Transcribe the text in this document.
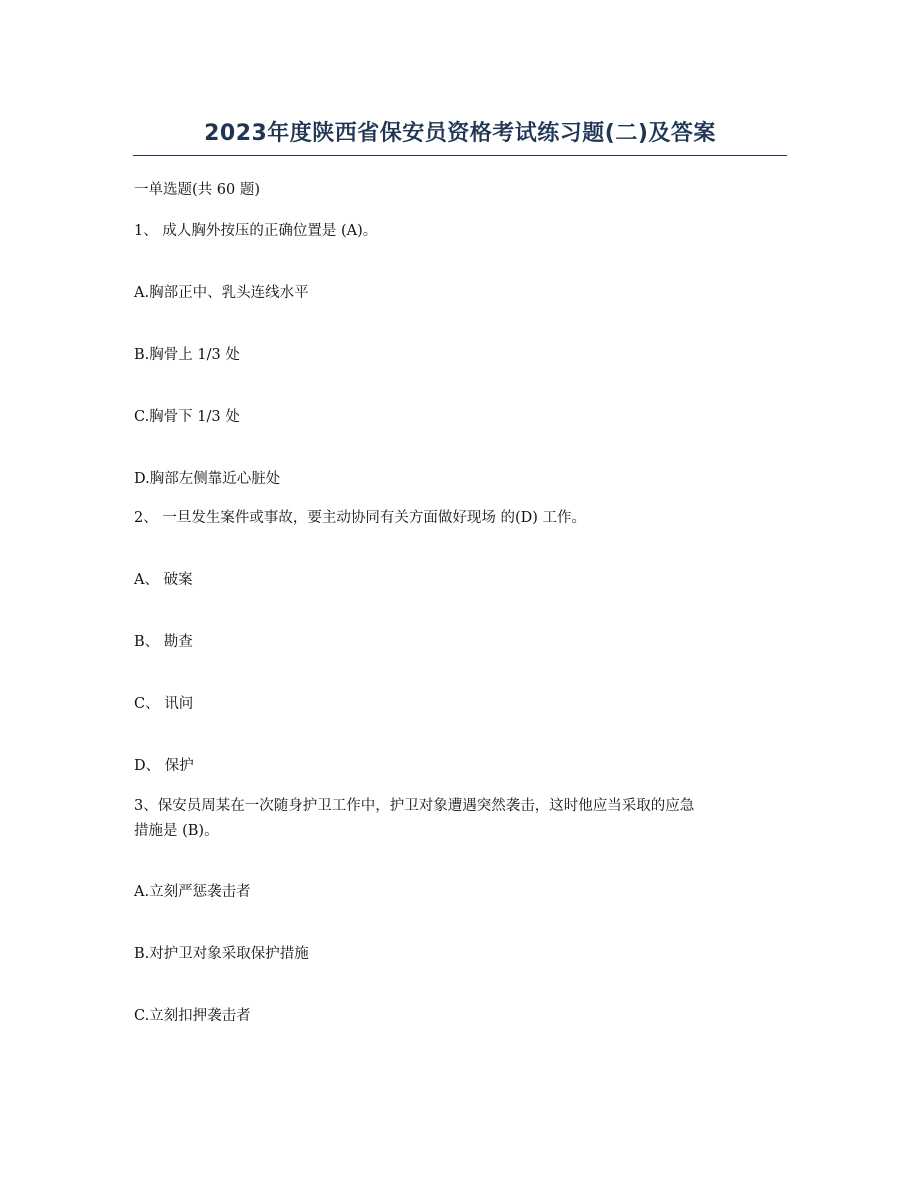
2023年度陕西省保安员资格考试练习题(二)及答案
一单选题(共 60 题)
1、 成人胸外按压的正确位置是 (A)。
A.胸部正中、乳头连线水平
B.胸骨上 1/3 处
C.胸骨下 1/3 处
D.胸部左侧靠近心脏处
2、 一旦发生案件或事故，要主动协同有关方面做好现场 的(D) 工作。
A、 破案
B、 勘查
C、 讯问
D、 保护
3、保安员周某在一次随身护卫工作中，护卫对象遭遇突然袭击，这时他应当采取的应急
措施是 (B)。
A.立刻严惩袭击者
B.对护卫对象采取保护措施
C.立刻扣押袭击者
